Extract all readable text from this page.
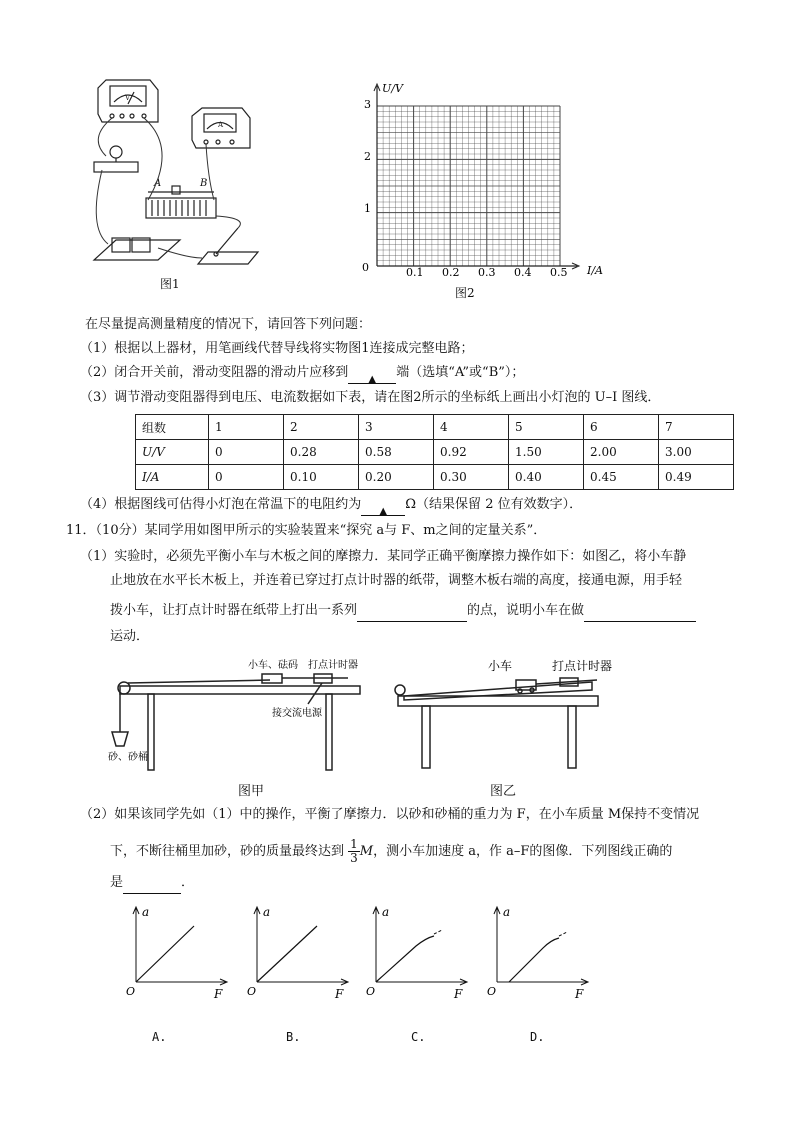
V
A
A	B
图1
U/V
I/A
0
1
2
3
0.1 0.2 0.3 0.4 0.5
图2
在尽量提高测量精度的情况下，请回答下列问题：
（1）根据以上器材，用笔画线代替导线将实物图1连接成完整电路；
（2）闭合开关前，滑动变阻器的滑动片应移到 ▲ 端（选填“A”或“B”）；
（3）调节滑动变阻器得到电压、电流数据如下表，请在图2所示的坐标纸上画出小灯泡的 U–I 图线．
组数	1	2	3	4	5	6	7
U/V	0	0.28	0.58	0.92	1.50	2.00	3.00
I/A	0	0.10	0.20	0.30	0.40	0.45	0.49
（4）根据图线可估得小灯泡在常温下的电阻约为 ▲ Ω（结果保留 2 位有效数字）．
11．（10分）某同学用如图甲所示的实验装置来“探究 a与 F、m之间的定量关系”．
（1）实验时，必须先平衡小车与木板之间的摩擦力．某同学正确平衡摩擦力操作如下：如图乙，将小车静
止地放在水平长木板上，并连着已穿过打点计时器的纸带，调整木板右端的高度，接通电源，用手轻
拨小车，让打点计时器在纸带上打出一系列	的点，说明小车在做
运动．
小车、砝码 打点计时器
接交流电源
砂、砂桶
图甲
小车	打点计时器
图乙
（2）如果该同学先如（1）中的操作，平衡了摩擦力．以砂和砂桶的重力为 F，在小车质量 M保持不变情况
下，不断往桶里加砂，砂的质量最终达到 $\frac{1}{3}$ M，测小车加速度 a，作 a–F的图像．下列图线正确的
是	．
a
F
O
a
F
O
a
F
O
a
F
O
A.	B.	C.	D.
